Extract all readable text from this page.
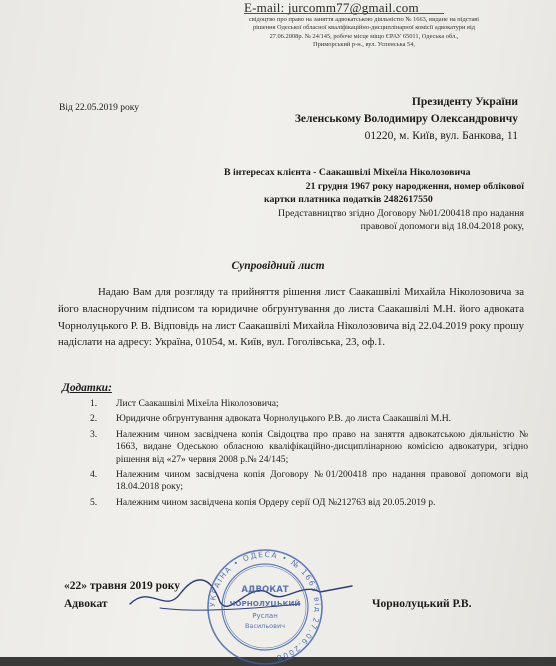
E-mail: jurcomm77@gmail.com
свідоцтво про право на заняття адвокатською діяльністю № 1663, видане на підставі
рішення Одеської обласної кваліфікаційно-дисциплінарної комісії адвокатури від
27.06.2008р. № 24/145, робоче місце міщо ЄРАУ 65011, Одеська обл.,
Приморський р-н., вул. Успенська 54,
Від 22.05.2019 року	Президенту України
Зеленському Володимиру Олександровичу
01220, м. Київ, вул. Банкова, 11

В інтересах клієнта - Саакашвілі Міхеїла Ніколозовича

21 грудня 1967 року народження, номер облікової

картки платника податків 2482617550

Представництво згідно Договору №01/200418 про надання

правової допомоги від 18.04.2018 року,

Супровідний лист

Надаю Вам для розгляду та прийняття рішення лист Саакашвілі Михайла Ніколозовича за його власноручним підписом та юридичне обгрунтування до листа Саакашвілі М.Н. його адвоката Чорнолуцького Р. В. Відповідь на лист Саакашвілі Михайла Ніколозовича від 22.04.2019 року прошу надіслати на адресу: Україна, 01054, м. Київ, вул. Гоголівська, 23, оф.1.

Додатки:
1. Лист Саакашвілі Міхеїла Ніколозовича;
2. Юридичне обгрунтування адвоката Чорнолуцького Р.В. до листа Саакашвілі М.Н.
3. Належним чином засвідчена копія Свідоцтва про право на заняття адвокатською діяльністю № 1663, видане Одеською обласною кваліфікаційно-дисциплінарною комісією адвокатури, згідно рішення від «27» червня 2008 р.№ 24/145;
4. Належним чином засвідчена копія Договору №01/200418 про надання правової допомоги від 18.04.2018 року;
5. Належним чином засвідчена копія Ордеру серії ОД №212763 від 20.05.2019 р.
УКРАЇНА • ОДЕСА • № 1663 від 27.06.2008
АДВОКАТ
ЧОРНОЛУЦЬКИЙ
Руслан
Васильович
«22» травня 2019 року
Адвокат	Чорнолуцький Р.В.
